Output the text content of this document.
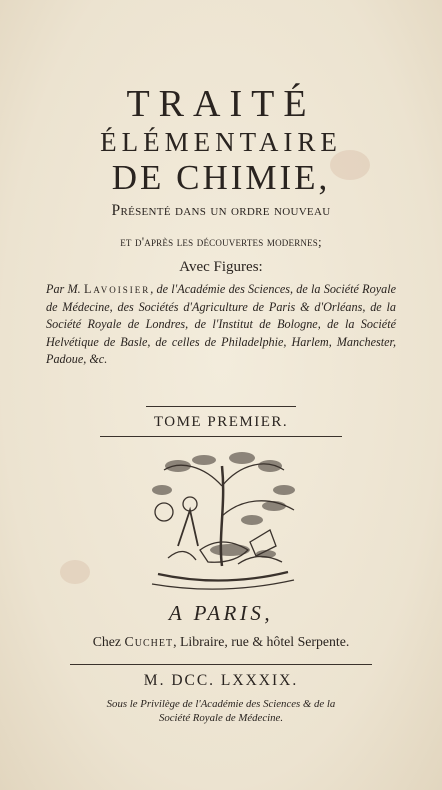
TRAITÉ
ÉLÉMENTAIRE
DE CHIMIE,
Présenté dans un ordre nouveau
et d'après les découvertes modernes;
Avec Figures:
Par M. Lavoisier, de l'Académie des Sciences, de la Société Royale de Médecine, des Sociétés d'Agriculture de Paris & d'Orléans, de la Société Royale de Londres, de l'Institut de Bologne, de la Société Helvétique de Basle, de celles de Philadelphie, Harlem, Manchester, Padoue, &c.
TOME PREMIER.
A PARIS,
Chez Cuchet, Libraire, rue & hôtel Serpente.
M. DCC. LXXXIX.
Sous le Privilège de l'Académie des Sciences & de la
Société Royale de Médecine.
